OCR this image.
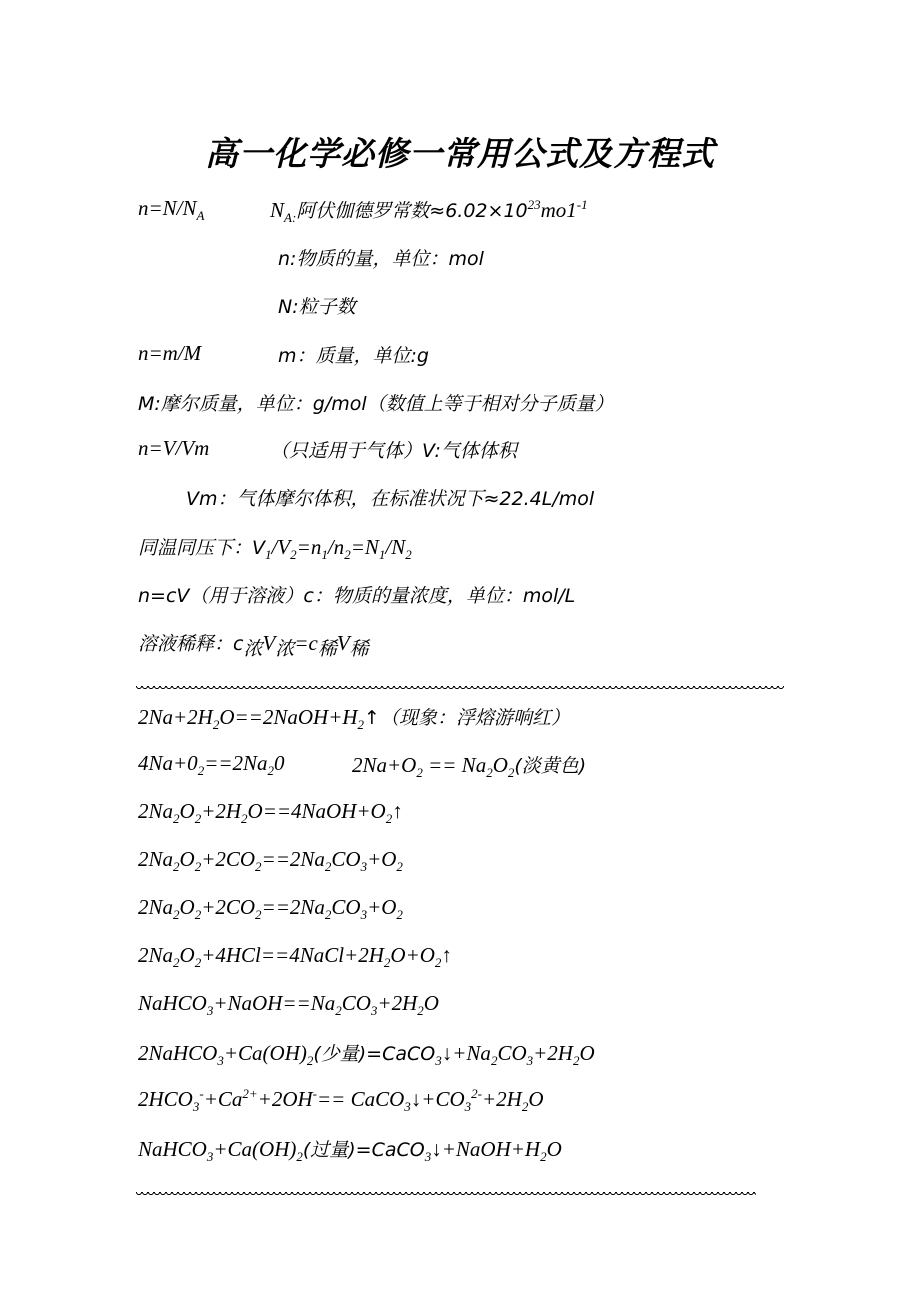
高一化学必修一常用公式及方程式
$n=N/N_A$	$N_{A:}$阿伏伽德罗常数$\approx 6.02\times 10^{23}mo1^{-1}$
n:物质的量，单位：mol
N:粒子数
n=m/M	m：质量，单位:g
M:摩尔质量，单位：g/mol（数值上等于相对分子质量）
n=V/Vm	（只适用于气体）V:气体体积
Vm：气体摩尔体积，在标准状况下≈22.4L/mol
同温同压下：$V_1/V_2=n_1/n_2=N_1/N_2$
n=cV（用于溶液）c：物质的量浓度，单位：mol/L
溶液稀释：$c_浓V_浓=c_稀V_稀$
$2Na+2H_2O==2NaOH+H_2↑$（现象：浮熔游响红）
$4Na+0_2==2Na_20$	$2Na+O_2 == Na_2O_2$(淡黄色)
$2Na_2O_2+2H_2O==4NaOH+O_2↑$
$2Na_2O_2+2CO_2==2Na_2CO_3+O_2$
$2Na_2O_2+2CO_2==2Na_2CO_3+O_2$
$2Na_2O_2+4HCl==4NaCl+2H_2O+O_2↑$
$NaHCO_3+NaOH==Na_2CO_3+2H_2O$
$2NaHCO_3+Ca(OH)_2$(少量)$=CaCO_3↓+Na_2CO_3+2H_2O$
$2HCO_3^-+Ca^{2+}+2OH^-==$ $CaCO_3↓+CO_3^{2-}+2H_2O$
$NaHCO_3+Ca(OH)_2$(过量)$=CaCO_3↓+NaOH+H_2O$
